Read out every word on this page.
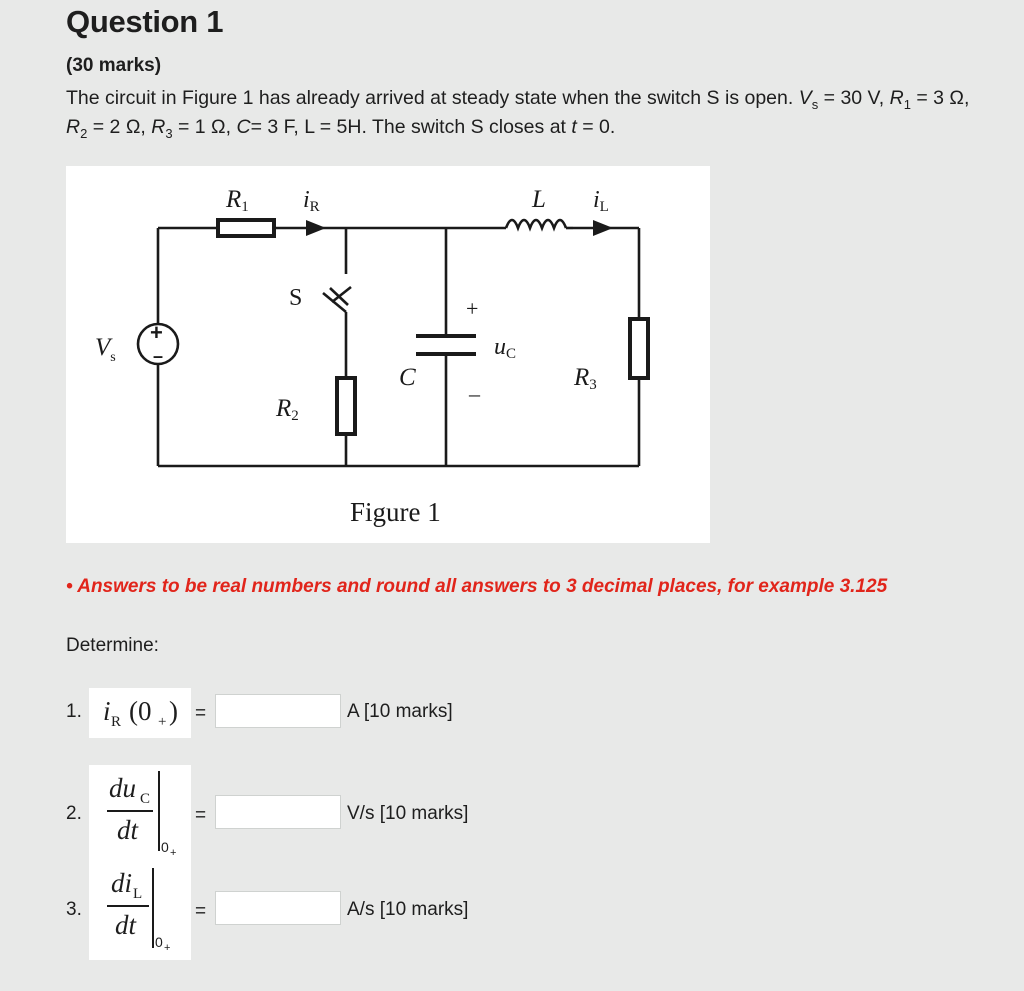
Question 1
(30 marks)
The circuit in Figure 1 has already arrived at steady state when the switch S is open. $V_s = 30$ V, $R_1 = 3$ Ω, $R_2 = 2$ Ω, $R_3 = 1$ Ω, C= 3 F, L = 5H. The switch S closes at t = 0.
R1 iR	L iL
S	+
–
uC
$V_s$
C	R3
R2
+
–
Figure 1
• Answers to be real numbers and round all answers to 3 decimal places, for example 3.125
Determine:
1. i R (0 + ) =	A [10 marks]
2.
du C
dt
0 +
=	V/s [10 marks]
3.
di L
dt
0 +
=	A/s [10 marks]
